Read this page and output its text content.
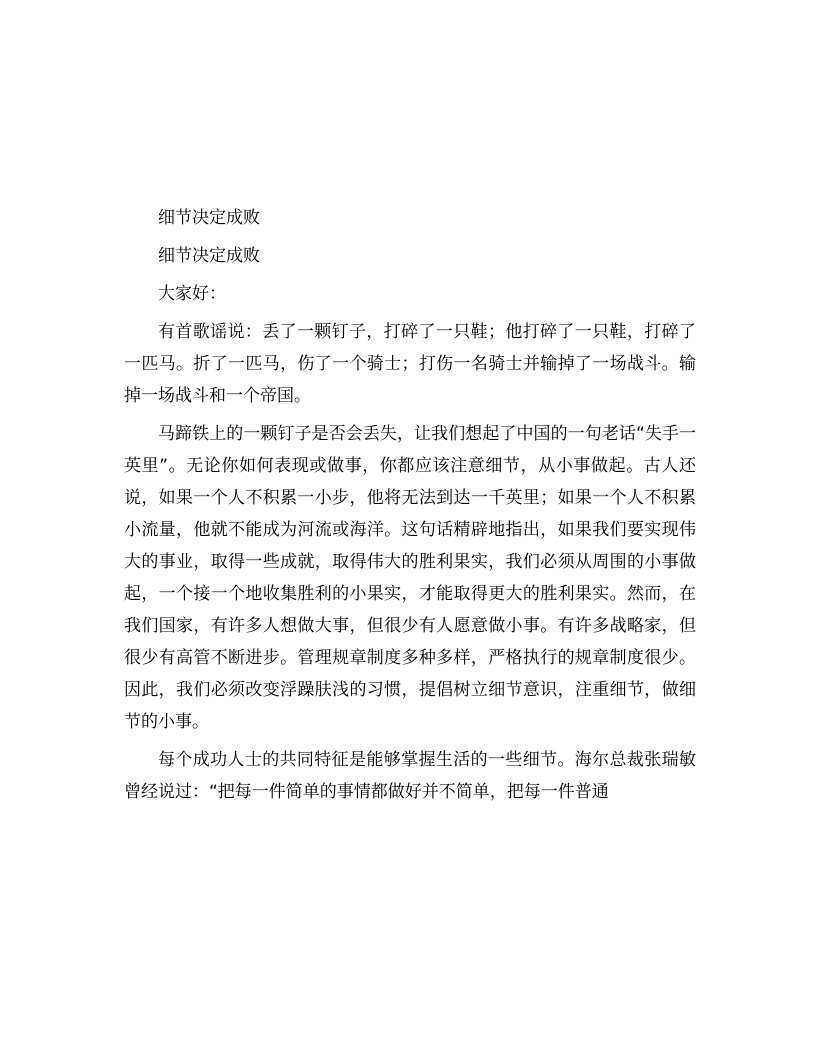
细节决定成败
细节决定成败
大家好：

有首歌谣说：丢了一颗钉子，打碎了一只鞋；他打碎了一只鞋，打碎了一匹马。折了一匹马，伤了一个骑士；打伤一名骑士并输掉了一场战斗。输掉一场战斗和一个帝国。

马蹄铁上的一颗钉子是否会丢失，让我们想起了中国的一句老话“失手一英里”。无论你如何表现或做事，你都应该注意细节，从小事做起。古人还说，如果一个人不积累一小步，他将无法到达一千英里；如果一个人不积累小流量，他就不能成为河流或海洋。这句话精辟地指出，如果我们要实现伟大的事业，取得一些成就，取得伟大的胜利果实，我们必须从周围的小事做起，一个接一个地收集胜利的小果实，才能取得更大的胜利果实。然而，在我们国家，有许多人想做大事，但很少有人愿意做小事。有许多战略家，但很少有高管不断进步。管理规章制度多种多样，严格执行的规章制度很少。因此，我们必须改变浮躁肤浅的习惯，提倡树立细节意识，注重细节，做细节的小事。

每个成功人士的共同特征是能够掌握生活的一些细节。海尔总裁张瑞敏曾经说过：“把每一件简单的事情都做好并不简单，把每一件普通
